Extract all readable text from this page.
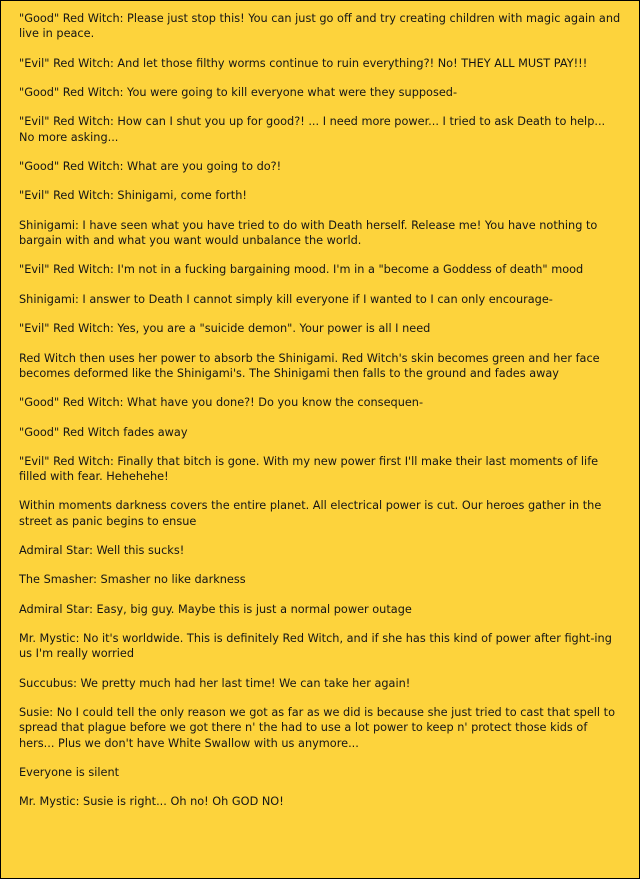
"Good" Red Witch: Please just stop this! You can just go off and try creating children with magic again and live in peace.

"Evil" Red Witch: And let those filthy worms continue to ruin everything?! No! THEY ALL MUST PAY!!!

"Good" Red Witch: You were going to kill everyone what were they supposed-

"Evil" Red Witch: How can I shut you up for good?! ... I need more power... I tried to ask Death to help... No more asking...

"Good" Red Witch: What are you going to do?!

"Evil" Red Witch: Shinigami, come forth!

Shinigami: I have seen what you have tried to do with Death herself. Release me! You have nothing to bargain with and what you want would unbalance the world.

"Evil" Red Witch: I'm not in a fucking bargaining mood. I'm in a "become a Goddess of death" mood

Shinigami: I answer to Death I cannot simply kill everyone if I wanted to I can only encourage-

"Evil" Red Witch: Yes, you are a "suicide demon". Your power is all I need

Red Witch then uses her power to absorb the Shinigami. Red Witch's skin becomes green and her face becomes deformed like the Shinigami's. The Shinigami then falls to the ground and fades away

"Good" Red Witch: What have you done?! Do you know the consequen-

"Good" Red Witch fades away

"Evil" Red Witch: Finally that bitch is gone. With my new power first I'll make their last moments of life filled with fear. Hehehehe!

Within moments darkness covers the entire planet. All electrical power is cut. Our heroes gather in the street as panic begins to ensue

Admiral Star: Well this sucks!

The Smasher: Smasher no like darkness

Admiral Star: Easy, big guy. Maybe this is just a normal power outage

Mr. Mystic: No it's worldwide. This is definitely Red Witch, and if she has this kind of power after fight-ing us I'm really worried

Succubus: We pretty much had her last time! We can take her again!

Susie: No I could tell the only reason we got as far as we did is because she just tried to cast that spell to spread that plague before we got there n' the had to use a lot power to keep n' protect those kids of hers... Plus we don't have White Swallow with us anymore...

Everyone is silent

Mr. Mystic: Susie is right... Oh no! Oh GOD NO!
